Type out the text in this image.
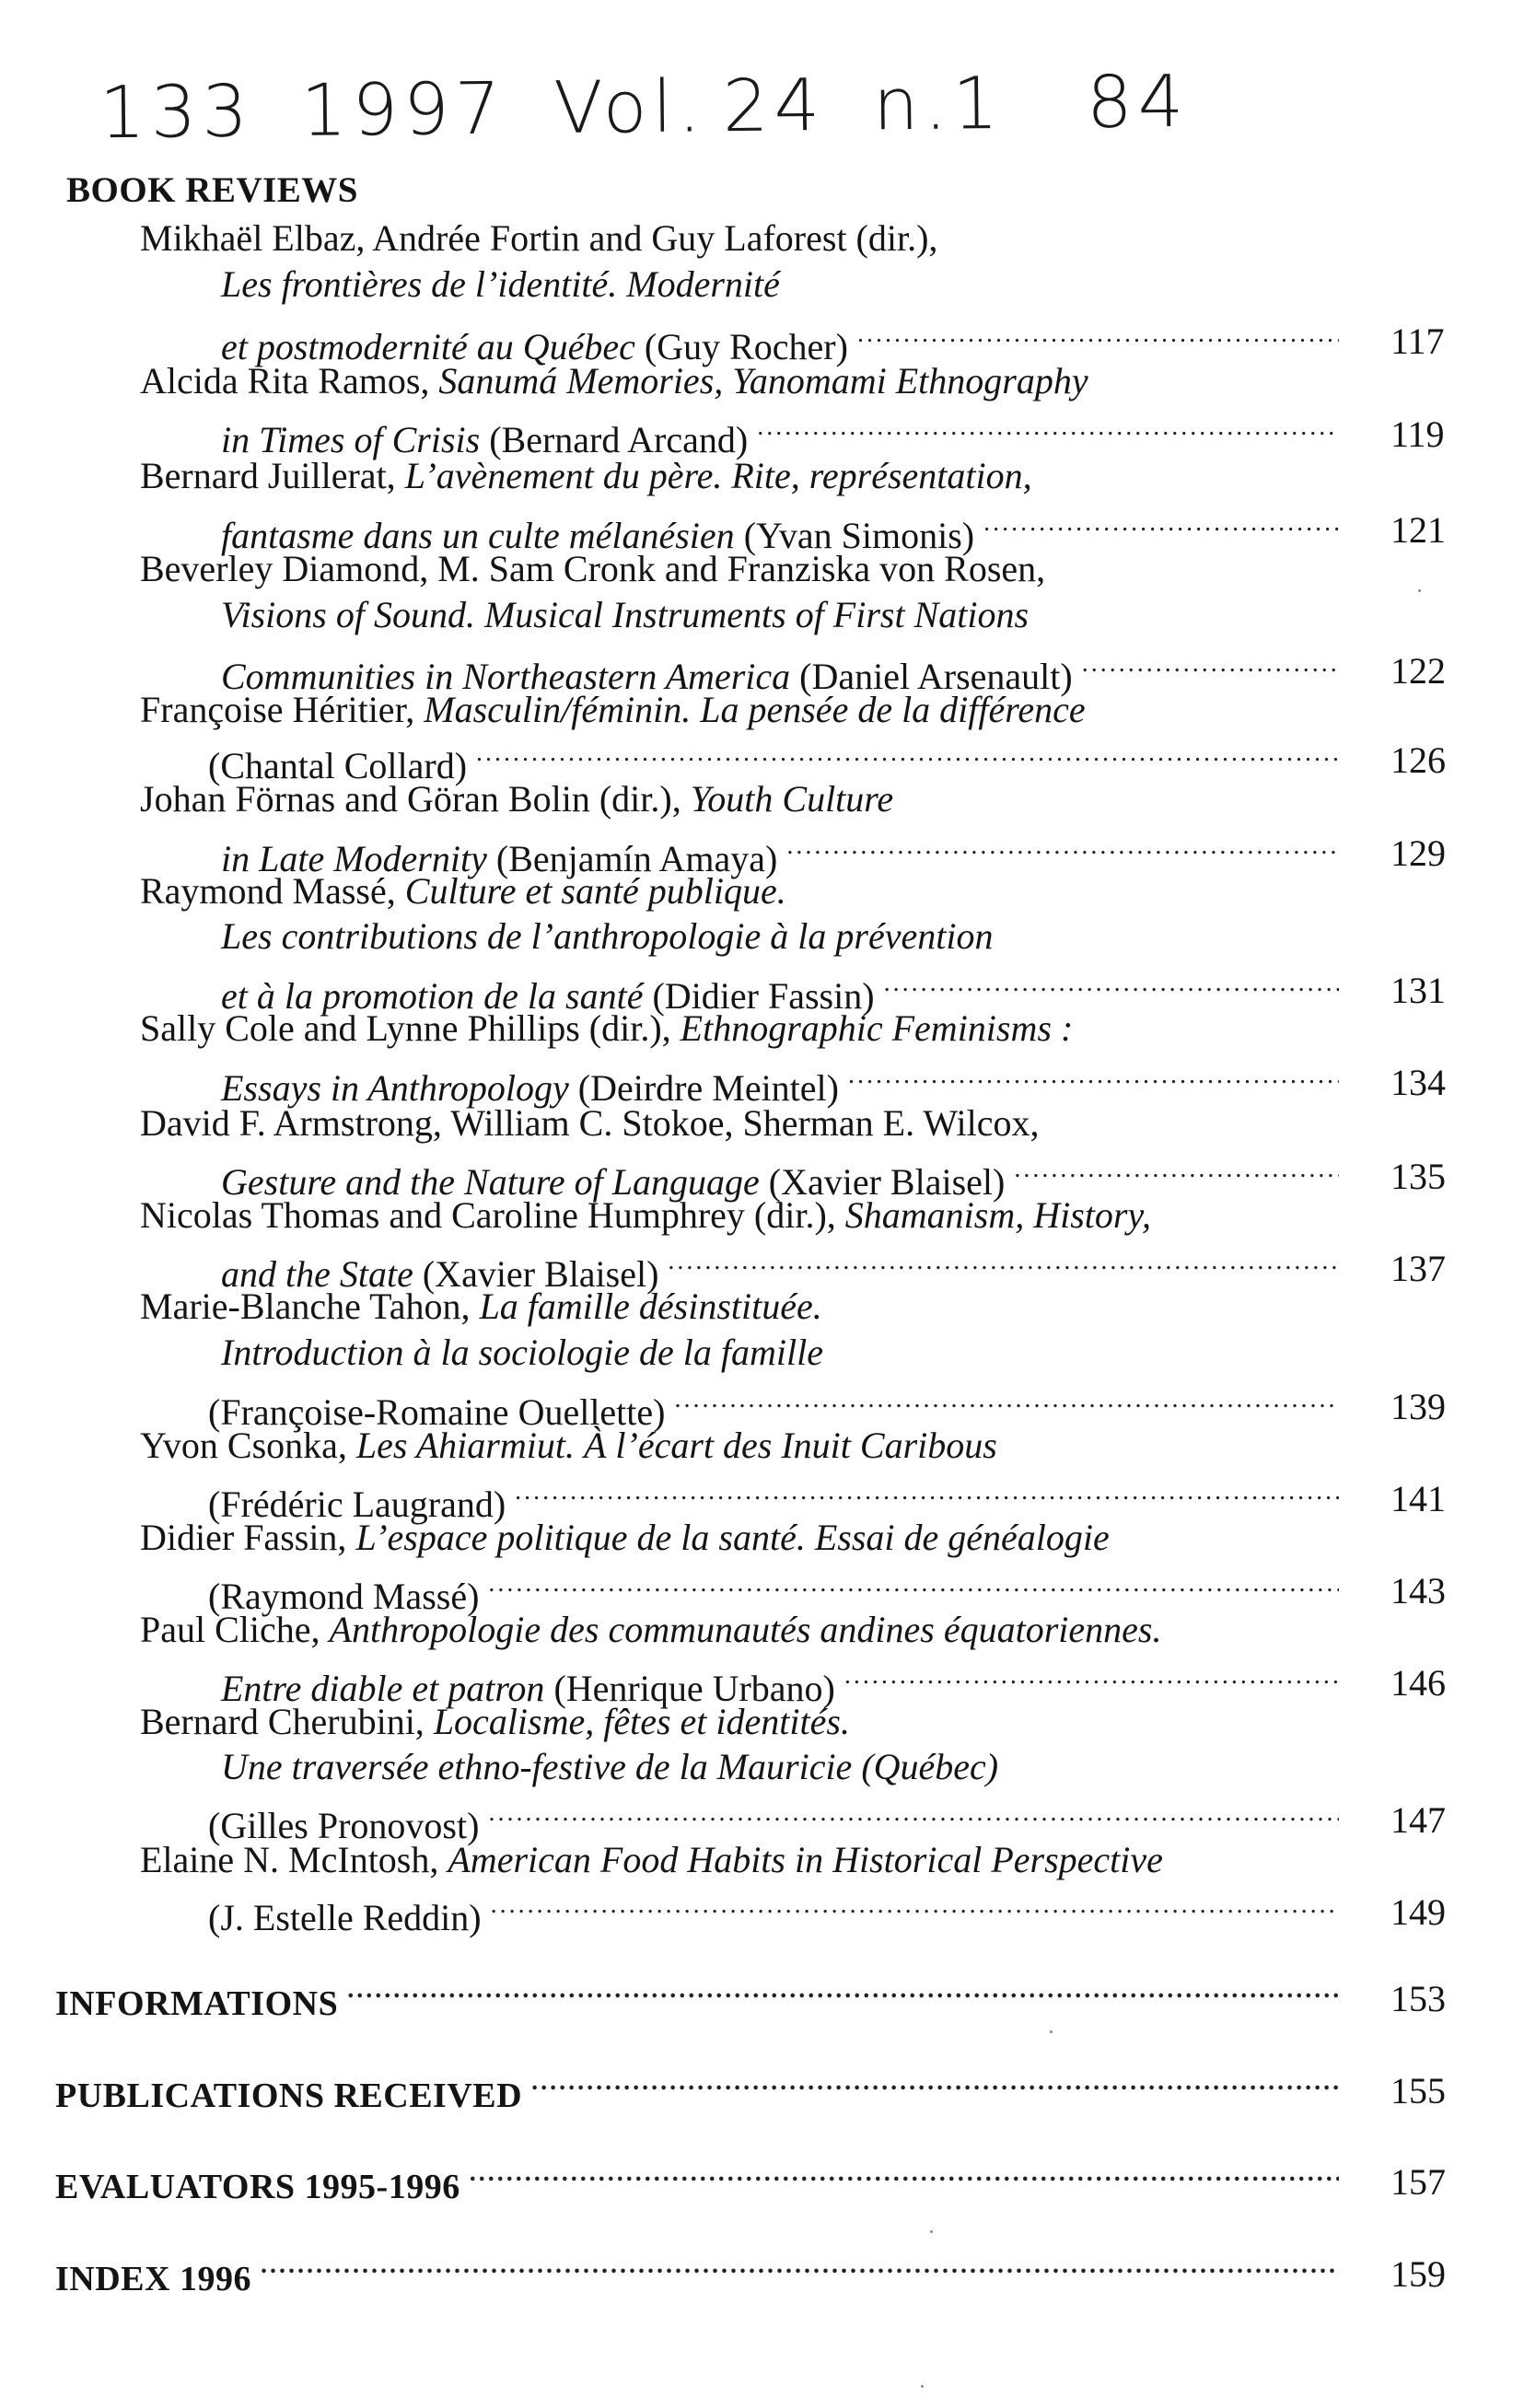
133 1997 Vol. 24 n.1 84
BOOK REVIEWS
Mikhaël Elbaz, Andrée Fortin and Guy Laforest (dir.),
Les frontières de l’identité. Modernité
et postmodernité au Québec (Guy Rocher) .....	117
Alcida Rita Ramos, Sanumá Memories, Yanomami Ethnography
in Times of Crisis (Bernard Arcand) .....	119
Bernard Juillerat, L’avènement du père. Rite, représentation,
fantasme dans un culte mélanésien (Yvan Simonis) .....	121
Beverley Diamond, M. Sam Cronk and Franziska von Rosen,
Visions of Sound. Musical Instruments of First Nations
Communities in Northeastern America (Daniel Arsenault) .....	122
Françoise Héritier, Masculin/féminin. La pensée de la différence
(Chantal Collard) .....	126
Johan Förnas and Göran Bolin (dir.), Youth Culture
in Late Modernity (Benjamín Amaya) .....	129
Raymond Massé, Culture et santé publique.
Les contributions de l’anthropologie à la prévention
et à la promotion de la santé (Didier Fassin) .....	131
Sally Cole and Lynne Phillips (dir.), Ethnographic Feminisms :
Essays in Anthropology (Deirdre Meintel) .....	134
David F. Armstrong, William C. Stokoe, Sherman E. Wilcox,
Gesture and the Nature of Language (Xavier Blaisel) .....	135
Nicolas Thomas and Caroline Humphrey (dir.), Shamanism, History,
and the State (Xavier Blaisel) .....	137
Marie-Blanche Tahon, La famille désinstituée.
Introduction à la sociologie de la famille
(Françoise-Romaine Ouellette) .....	139
Yvon Csonka, Les Ahiarmiut. À l’écart des Inuit Caribous
(Frédéric Laugrand) .....	141
Didier Fassin, L’espace politique de la santé. Essai de généalogie
(Raymond Massé) .....	143
Paul Cliche, Anthropologie des communautés andines équatoriennes.
Entre diable et patron (Henrique Urbano) .....	146
Bernard Cherubini, Localisme, fêtes et identités.
Une traversée ethno-festive de la Mauricie (Québec)
(Gilles Pronovost) .....	147
Elaine N. McIntosh, American Food Habits in Historical Perspective
(J. Estelle Reddin) .....	149
INFORMATIONS .....	153
PUBLICATIONS RECEIVED .....	155
EVALUATORS 1995-1996 .....	157
INDEX 1996 .....	159
